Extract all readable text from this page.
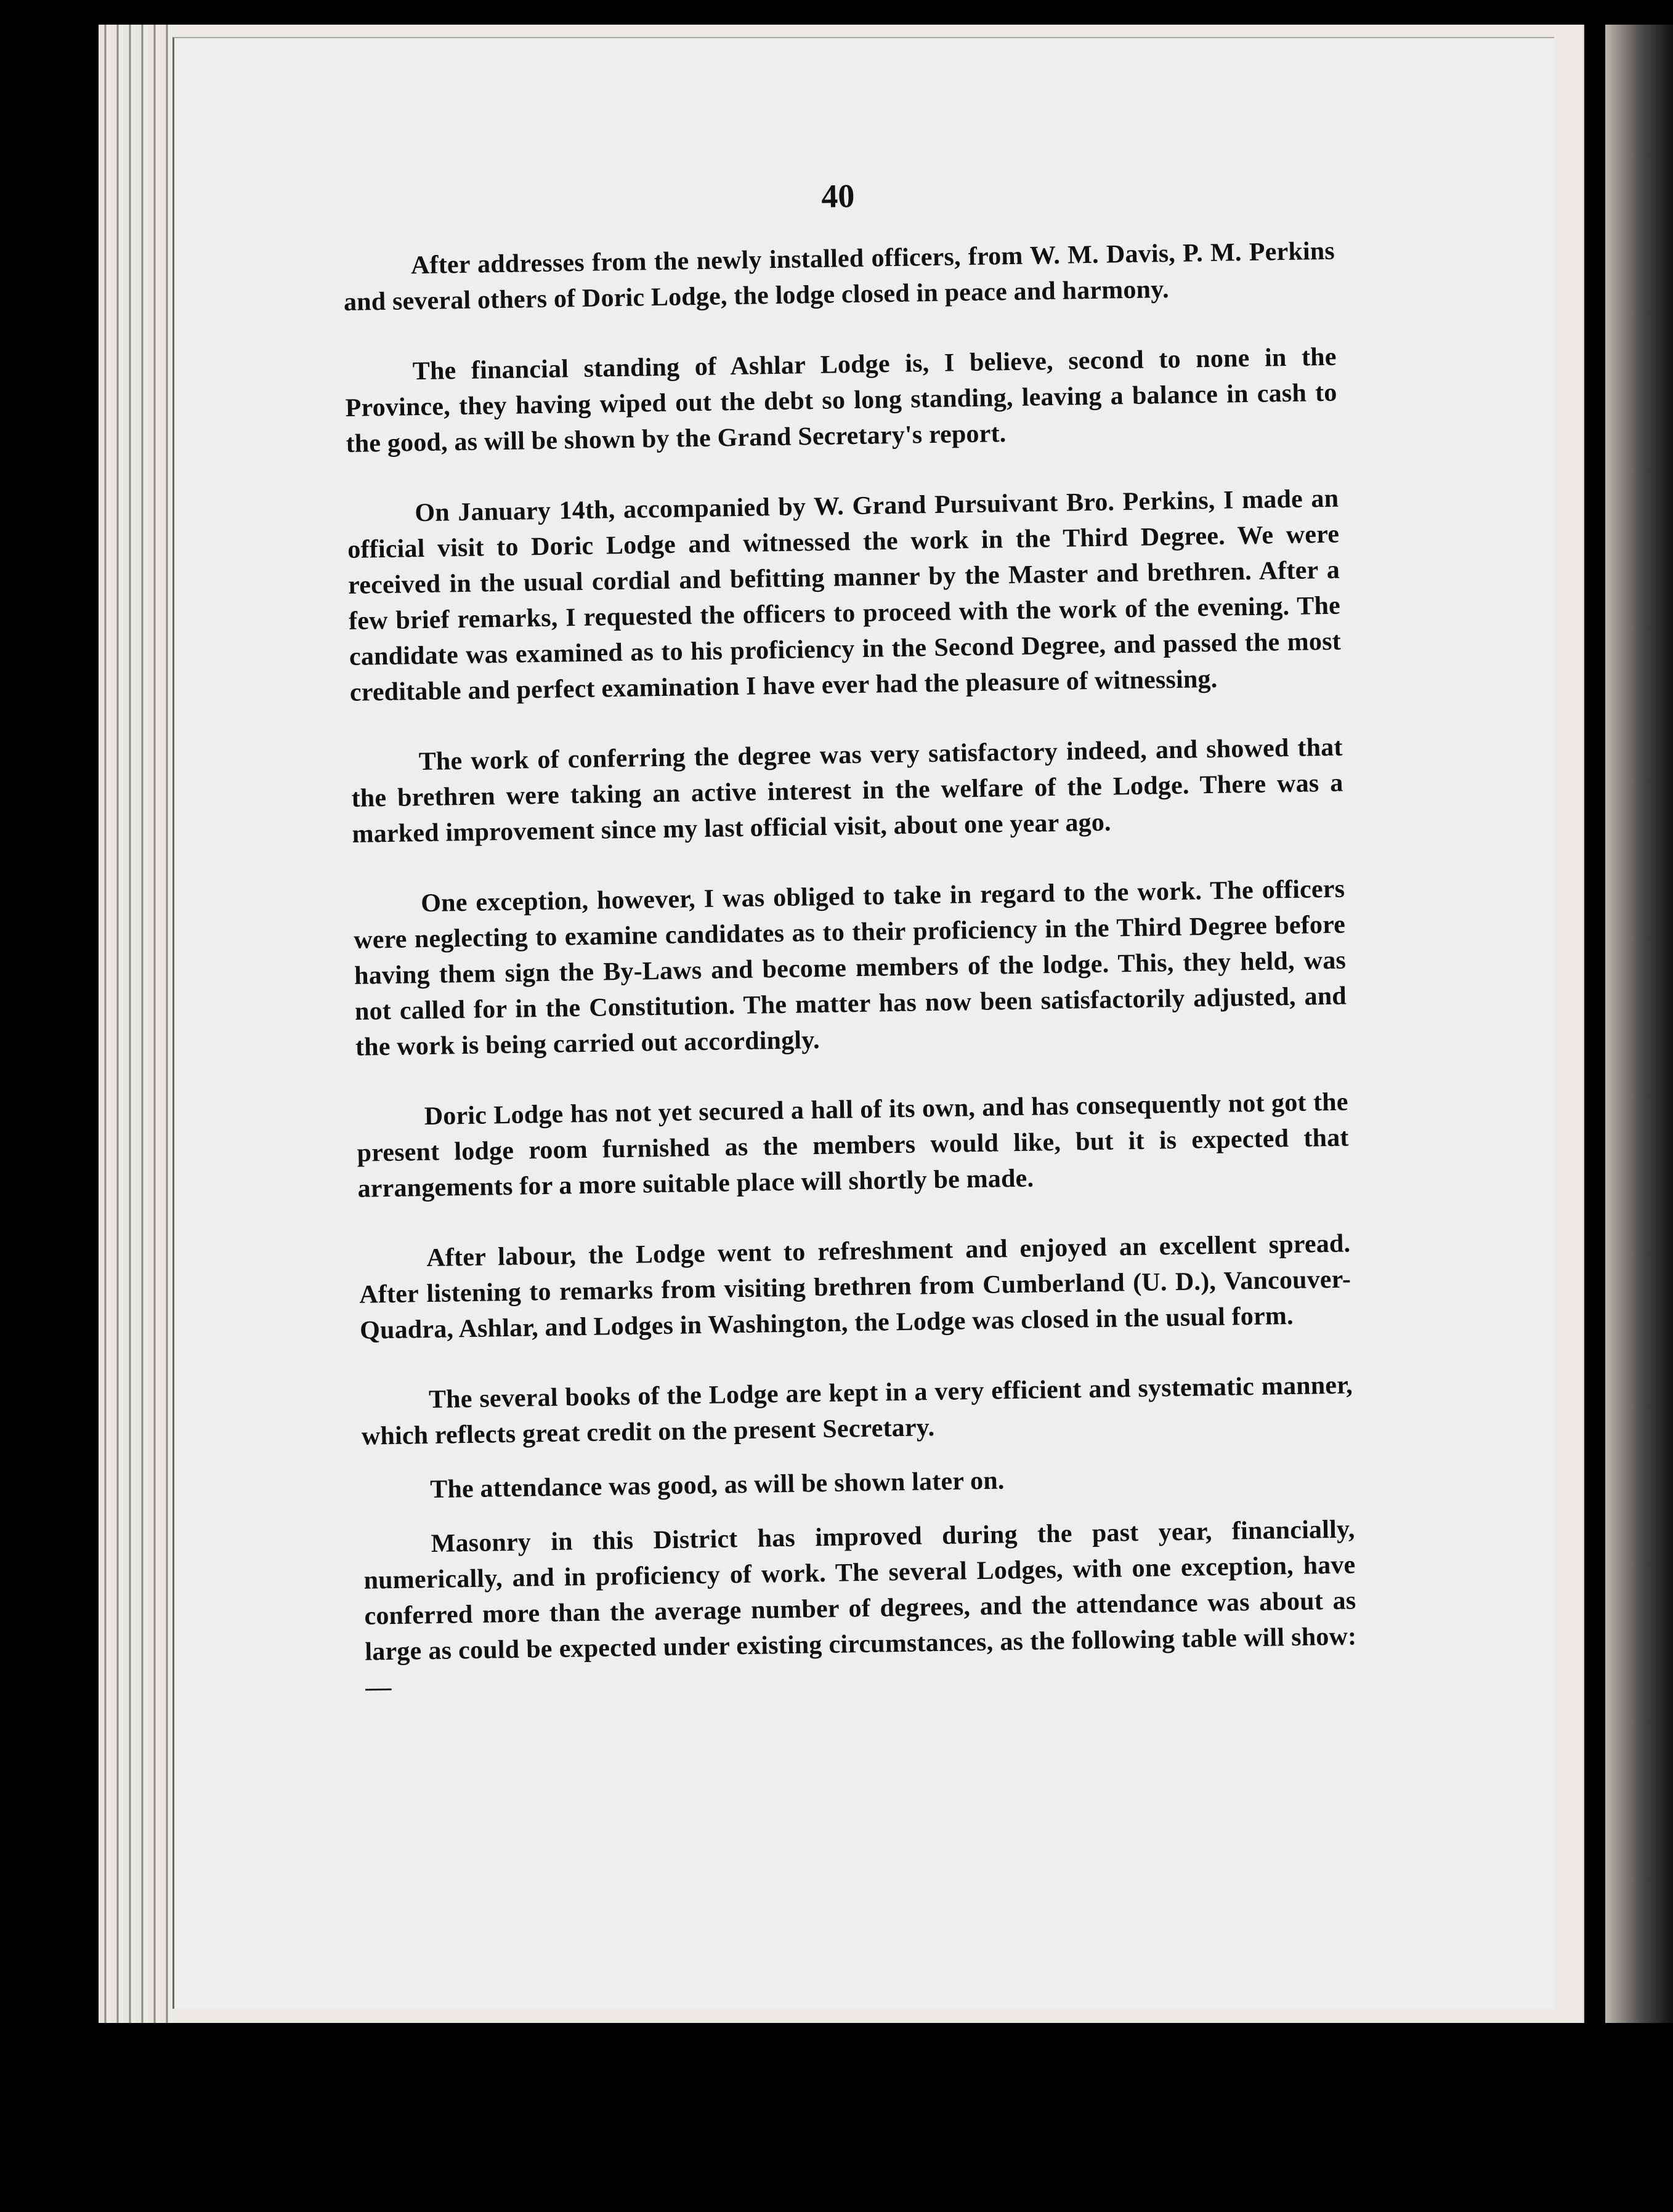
40

After addresses from the newly installed officers, from W. M. Davis, P. M. Perkins and several others of Doric Lodge, the lodge closed in peace and harmony.

The financial standing of Ashlar Lodge is, I believe, second to none in the Province, they having wiped out the debt so long standing, leaving a balance in cash to the good, as will be shown by the Grand Secretary's report.

On January 14th, accompanied by W. Grand Pursuivant Bro. Perkins, I made an official visit to Doric Lodge and witnessed the work in the Third Degree. We were received in the usual cordial and befitting manner by the Master and brethren. After a few brief remarks, I requested the officers to proceed with the work of the evening. The candidate was examined as to his proficiency in the Second Degree, and passed the most creditable and perfect examination I have ever had the pleasure of witnessing.

The work of conferring the degree was very satisfactory indeed, and showed that the brethren were taking an active interest in the welfare of the Lodge. There was a marked improvement since my last official visit, about one year ago.

One exception, however, I was obliged to take in regard to the work. The officers were neglecting to examine candidates as to their proficiency in the Third Degree before having them sign the By-Laws and become members of the lodge. This, they held, was not called for in the Constitution. The matter has now been satisfactorily adjusted, and the work is being carried out accordingly.

Doric Lodge has not yet secured a hall of its own, and has consequently not got the present lodge room furnished as the members would like, but it is expected that arrangements for a more suitable place will shortly be made.

After labour, the Lodge went to refreshment and enjoyed an excellent spread. After listening to remarks from visiting brethren from Cumberland (U. D.), Vancouver-Quadra, Ashlar, and Lodges in Washington, the Lodge was closed in the usual form.

The several books of the Lodge are kept in a very efficient and systematic manner, which reflects great credit on the present Secretary.

The attendance was good, as will be shown later on.

Masonry in this District has improved during the past year, financially, numerically, and in proficiency of work. The several Lodges, with one exception, have conferred more than the average number of degrees, and the attendance was about as large as could be expected under existing circumstances, as the following table will show:—
